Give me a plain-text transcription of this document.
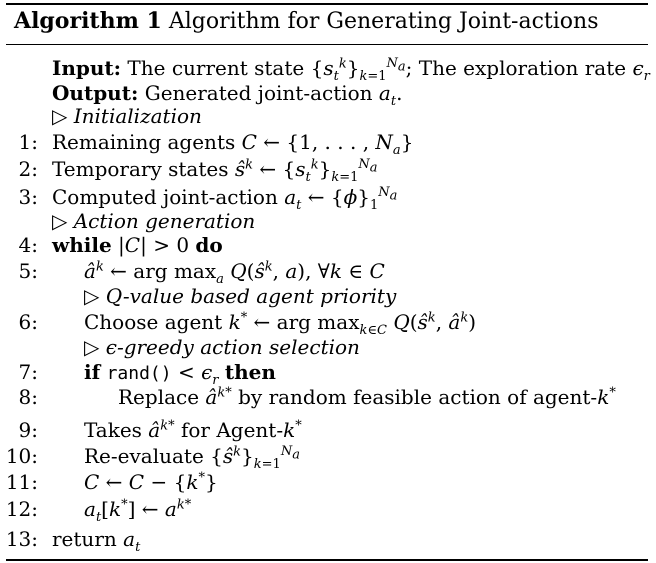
Algorithm 1 Algorithm for Generating Joint-actions
Input: The current state $\{s_t^k\}_{k=1}^{N_a}$; The exploration rate $\epsilon_r$
Output: Generated joint-action $a_t$.
▷ Initialization
1: Remaining agents C ← {1, . . . , $N_a$}
2: Temporary states $ŝ^k$ ← $\{s_t^k\}_{k=1}^{N_a}$
3: Computed joint-action $a_t$ ← $\{\phi\}_1^{N_a}$
▷ Action generation
4: while |C| > 0 do
5: $â^k$ ← arg $\max_a$ $Q(ŝ^k$, a), ∀k ∈ C
▷ Q-value based agent priority
6: Choose agent k* ← arg $\max_{k\in C}$ $Q(ŝ^k$, $â^k$)
▷ ϵ-greedy action selection
7: if rand() < $\epsilon_r$ then
8:	Replace $â^{k*}$ by random feasible action of agent-k*
9: Takes $â^{k*}$ for Agent-k*
10: Re-evaluate $\{ŝ^k\}_{k=1}^{N_a}$
11: C ← C − {k*}
12: $a_t[k^*]$ ← $a^{k*}$
13: return $a_t$
